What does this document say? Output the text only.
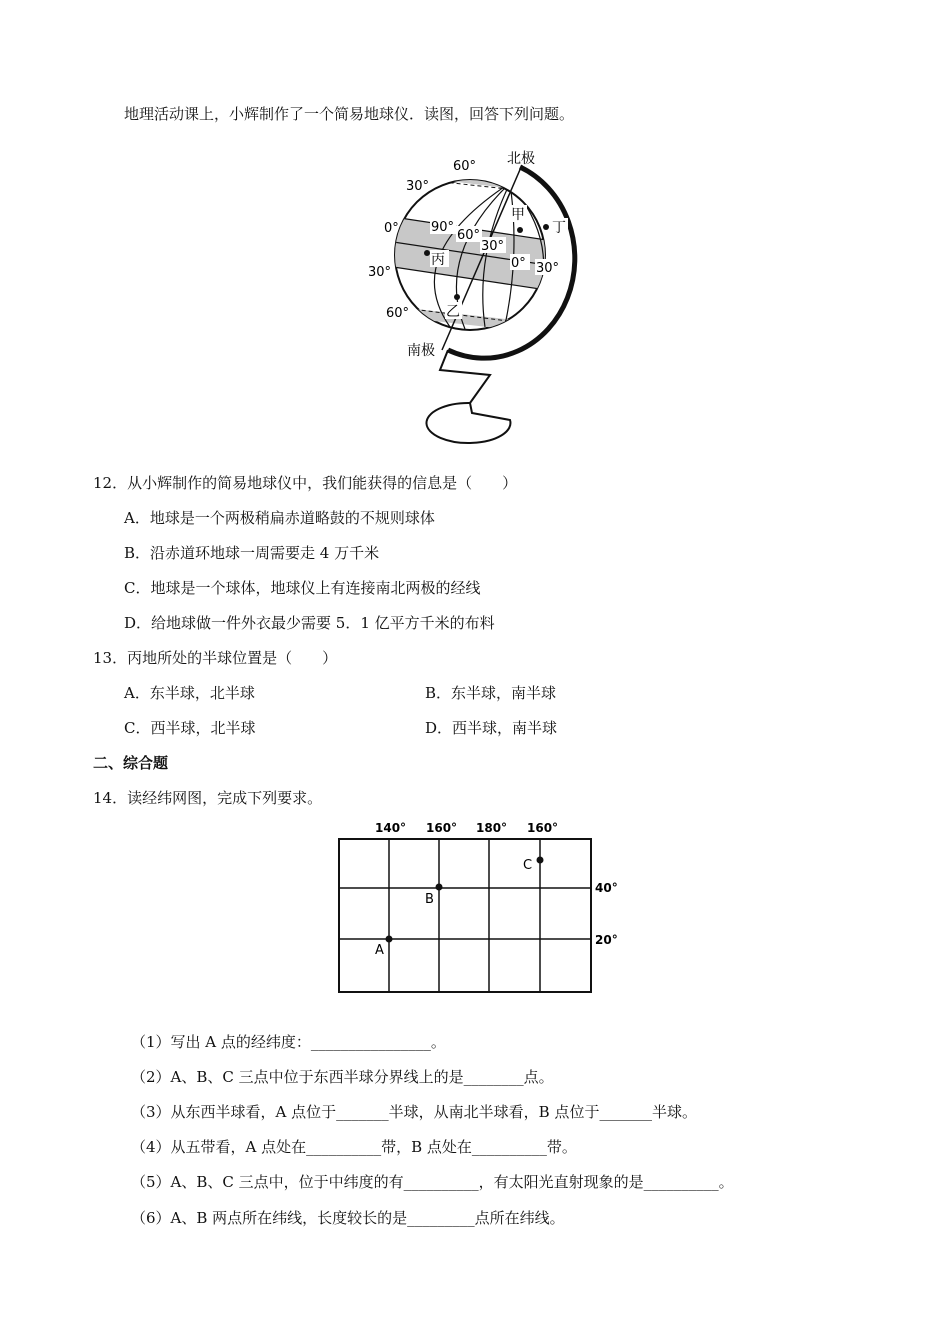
地理活动课上，小辉制作了一个简易地球仪．读图，回答下列问题。
北极
南极
60°
30°
0°
30°
60°
90°
60°
30°
0° 30°
甲
乙
丙
丁
12．从小辉制作的简易地球仪中，我们能获得的信息是（　　）
A．地球是一个两极稍扁赤道略鼓的不规则球体
B．沿赤道环地球一周需要走 4 万千米
C．地球是一个球体，地球仪上有连接南北两极的经线
D．给地球做一件外衣最少需要 5．1 亿平方千米的布料
13．丙地所处的半球位置是（　　）
A．东半球，北半球	B．东半球，南半球
C．西半球，北半球	D．西半球，南半球
二、综合题
14．读经纬网图，完成下列要求。
140° 160° 180° 160°
40°
20°
A
B
C
（1）写出 A 点的经纬度：________________。
（2）A、B、C 三点中位于东西半球分界线上的是________点。
（3）从东西半球看，A 点位于_______半球，从南北半球看，B 点位于_______半球。
（4）从五带看，A 点处在__________带，B 点处在__________带。
（5）A、B、C 三点中，位于中纬度的有__________，有太阳光直射现象的是__________。
（6）A、B 两点所在纬线，长度较长的是_________点所在纬线。
